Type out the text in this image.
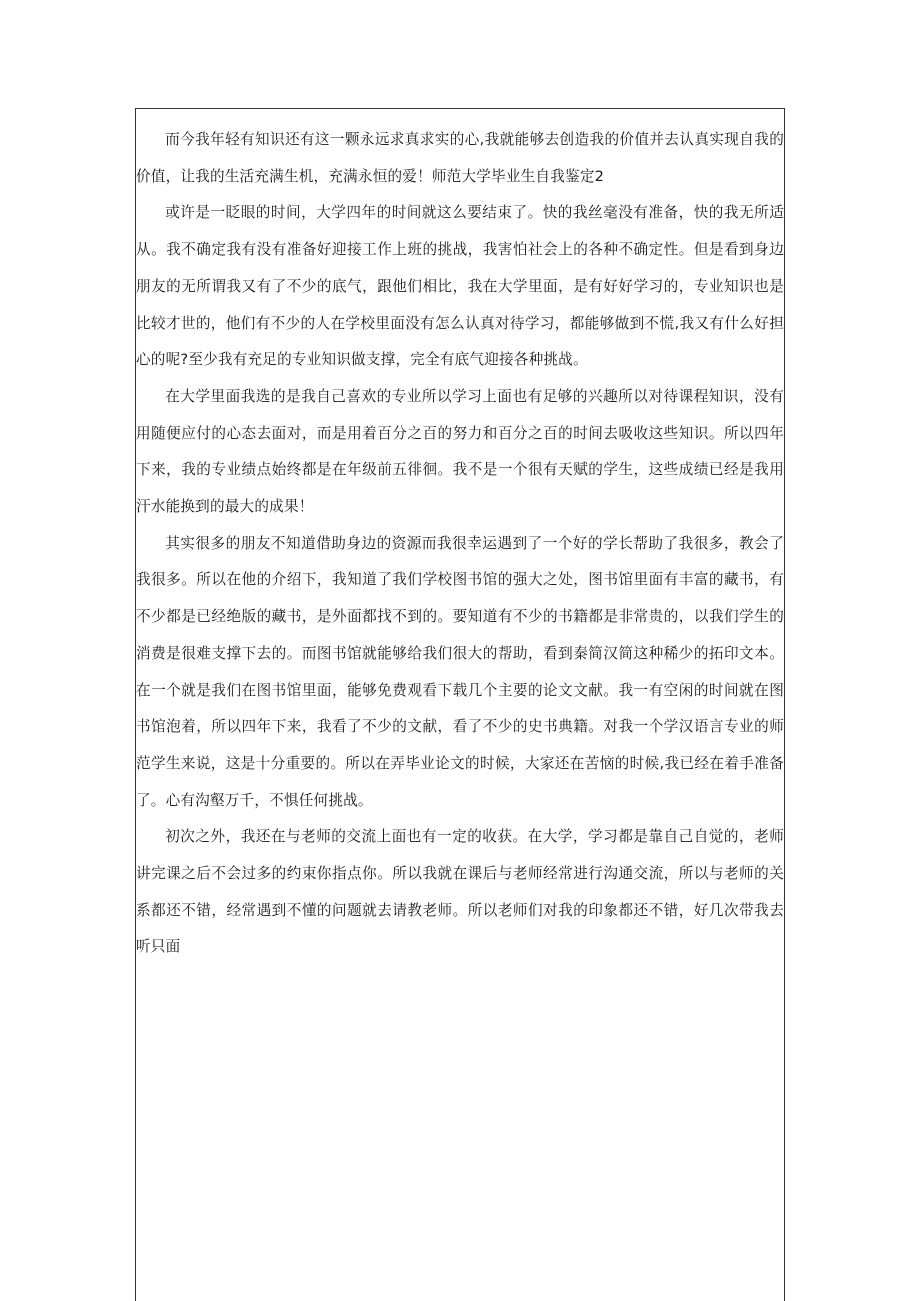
而今我年轻有知识还有这一颗永远求真求实的心,我就能够去创造我的价值并去认真实现自我的价值，让我的生活充满生机，充满永恒的爱！师范大学毕业生自我鉴定2

或许是一眨眼的时间，大学四年的时间就这么要结束了。快的我丝毫没有准备，快的我无所适从。我不确定我有没有准备好迎接工作上班的挑战，我害怕社会上的各种不确定性。但是看到身边朋友的无所谓我又有了不少的底气，跟他们相比，我在大学里面，是有好好学习的，专业知识也是比较才世的，他们有不少的人在学校里面没有怎么认真对待学习，都能够做到不慌,我又有什么好担心的呢?至少我有充足的专业知识做支撑，完全有底气迎接各种挑战。

在大学里面我选的是我自己喜欢的专业所以学习上面也有足够的兴趣所以对待课程知识，没有用随便应付的心态去面对，而是用着百分之百的努力和百分之百的时间去吸收这些知识。所以四年下来，我的专业绩点始终都是在年级前五徘徊。我不是一个很有天赋的学生，这些成绩已经是我用汗水能换到的最大的成果！

其实很多的朋友不知道借助身边的资源而我很幸运遇到了一个好的学长帮助了我很多，教会了我很多。所以在他的介绍下，我知道了我们学校图书馆的强大之处，图书馆里面有丰富的藏书，有不少都是已经绝版的藏书，是外面都找不到的。要知道有不少的书籍都是非常贵的，以我们学生的消费是很难支撑下去的。而图书馆就能够给我们很大的帮助，看到秦简汉简这种稀少的拓印文本。在一个就是我们在图书馆里面，能够免费观看下载几个主要的论文文献。我一有空闲的时间就在图书馆泡着，所以四年下来，我看了不少的文献，看了不少的史书典籍。对我一个学汉语言专业的师范学生来说，这是十分重要的。所以在弄毕业论文的时候，大家还在苦恼的时候,我已经在着手准备了。心有沟壑万千，不惧任何挑战。

初次之外，我还在与老师的交流上面也有一定的收获。在大学，学习都是靠自己自觉的，老师讲完课之后不会过多的约束你指点你。所以我就在课后与老师经常进行沟通交流，所以与老师的关系都还不错，经常遇到不懂的问题就去请教老师。所以老师们对我的印象都还不错，好几次带我去听只面
